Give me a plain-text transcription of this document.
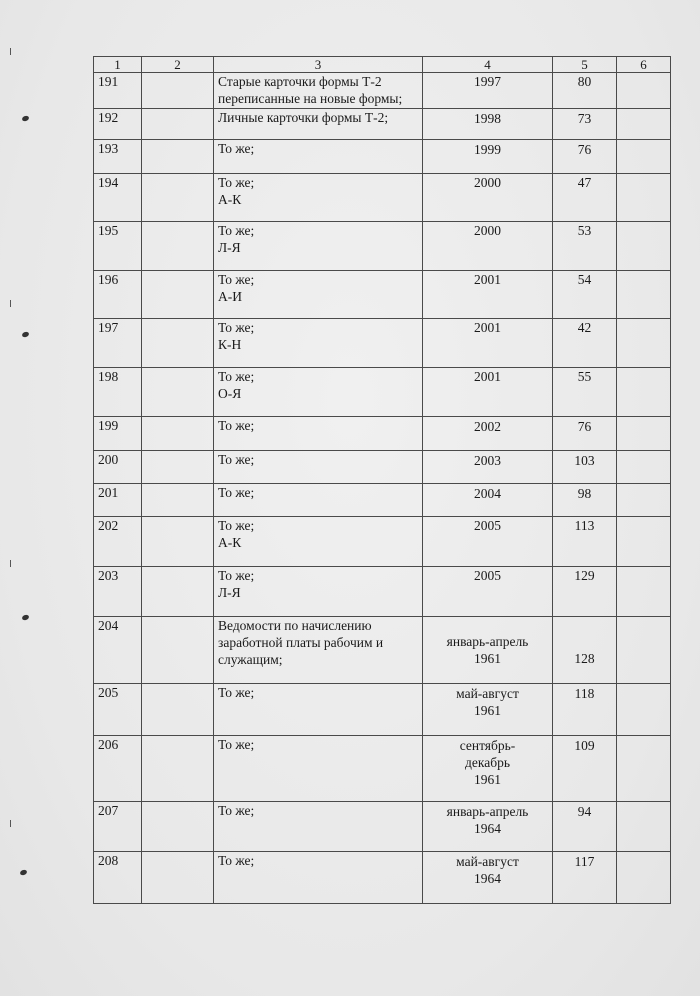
1	2	3	4	5	6
191		Старые карточки формы Т-2
переписанные на новые формы;	1997	80	
192		Личные карточки формы Т-2;	1998	73	
193		То же;	1999	76	
194		То же;
А-К	2000	47	
195		То же;
Л-Я	2000	53	
196		То же;
А-И	2001	54	
197		То же;
К-Н	2001	42	
198		То же;
О-Я	2001	55	
199		То же;	2002	76	
200		То же;	2003	103	
201		То же;	2004	98	
202		То же;
А-К	2005	113	
203		То же;
Л-Я	2005	129	
204		Ведомости по начислению
заработной платы рабочим и
служащим;	январь-апрель
1961	128	
205		То же;	май-август
1961	118	
206		То же;	сентябрь-
декабрь
1961	109	
207		То же;	январь-апрель
1964	94	
208		То же;	май-август
1964	117	
